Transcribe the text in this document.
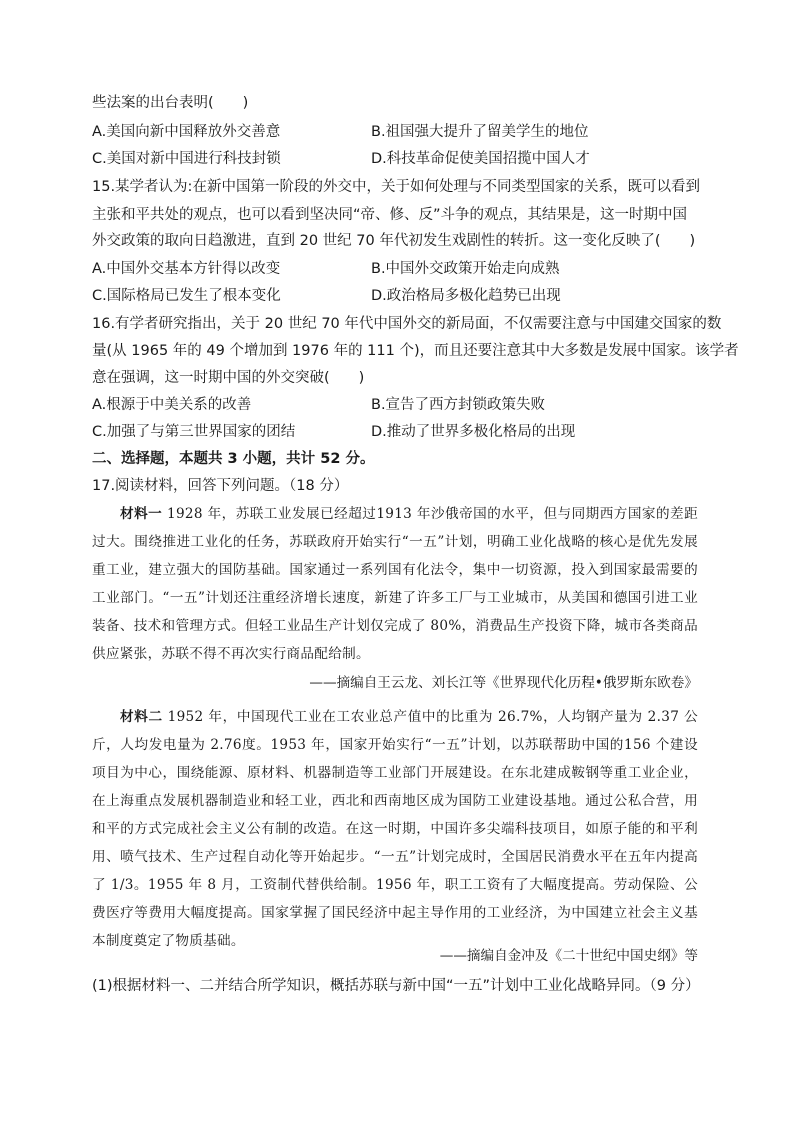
些法案的出台表明(　　)
A.美国向新中国释放外交善意	B.祖国强大提升了留美学生的地位
C.美国对新中国进行科技封锁	D.科技革命促使美国招揽中国人才
15.某学者认为:在新中国第一阶段的外交中，关于如何处理与不同类型国家的关系，既可以看到
主张和平共处的观点，也可以看到坚决同“帝、修、反”斗争的观点，其结果是，这一时期中国
外交政策的取向日趋激进，直到 20 世纪 70 年代初发生戏剧性的转折。这一变化反映了(　　)
A.中国外交基本方针得以改变	B.中国外交政策开始走向成熟
C.国际格局已发生了根本变化	D.政治格局多极化趋势已出现
16.有学者研究指出，关于 20 世纪 70 年代中国外交的新局面，不仅需要注意与中国建交国家的数
量(从 1965 年的 49 个增加到 1976 年的 111 个)，而且还要注意其中大多数是发展中国家。该学者
意在强调，这一时期中国的外交突破(　　)
A.根源于中美关系的改善	B.宣告了西方封锁政策失败
C.加强了与第三世界国家的团结	D.推动了世界多极化格局的出现
二、选择题，本题共 3 小题，共计 52 分。
17.阅读材料，回答下列问题。（18 分）

材料一 1928 年，苏联工业发展已经超过1913 年沙俄帝国的水平，但与同期西方国家的差距过大。围绕推进工业化的任务，苏联政府开始实行“一五”计划，明确工业化战略的核心是优先发展重工业，建立强大的国防基础。国家通过一系列国有化法令，集中一切资源，投入到国家最需要的工业部门。“一五”计划还注重经济增长速度，新建了许多工厂与工业城市，从美国和德国引进工业装备、技术和管理方式。但轻工业品生产计划仅完成了 80%，消费品生产投资下降，城市各类商品供应紧张，苏联不得不再次实行商品配给制。

——摘编自王云龙、刘长江等《世界现代化历程•俄罗斯东欧卷》

材料二 1952 年，中国现代工业在工农业总产值中的比重为 26.7%，人均钢产量为 2.37 公斤，人均发电量为 2.76度。1953 年，国家开始实行“一五”计划，以苏联帮助中国的156 个建设项目为中心，围绕能源、原材料、机器制造等工业部门开展建设。在东北建成鞍钢等重工业企业，在上海重点发展机器制造业和轻工业，西北和西南地区成为国防工业建设基地。通过公私合营，用和平的方式完成社会主义公有制的改造。在这一时期，中国许多尖端科技项目，如原子能的和平利用、喷气技术、生产过程自动化等开始起步。“一五”计划完成时，全国居民消费水平在五年内提高了 1/3。1955 年 8 月，工资制代替供给制。1956 年，职工工资有了大幅度提高。劳动保险、公费医疗等费用大幅度提高。国家掌握了国民经济中起主导作用的工业经济，为中国建立社会主义基本制度奠定了物质基础。

——摘编自金冲及《二十世纪中国史纲》等
(1)根据材料一、二并结合所学知识，概括苏联与新中国“一五”计划中工业化战略异同。（9 分）
